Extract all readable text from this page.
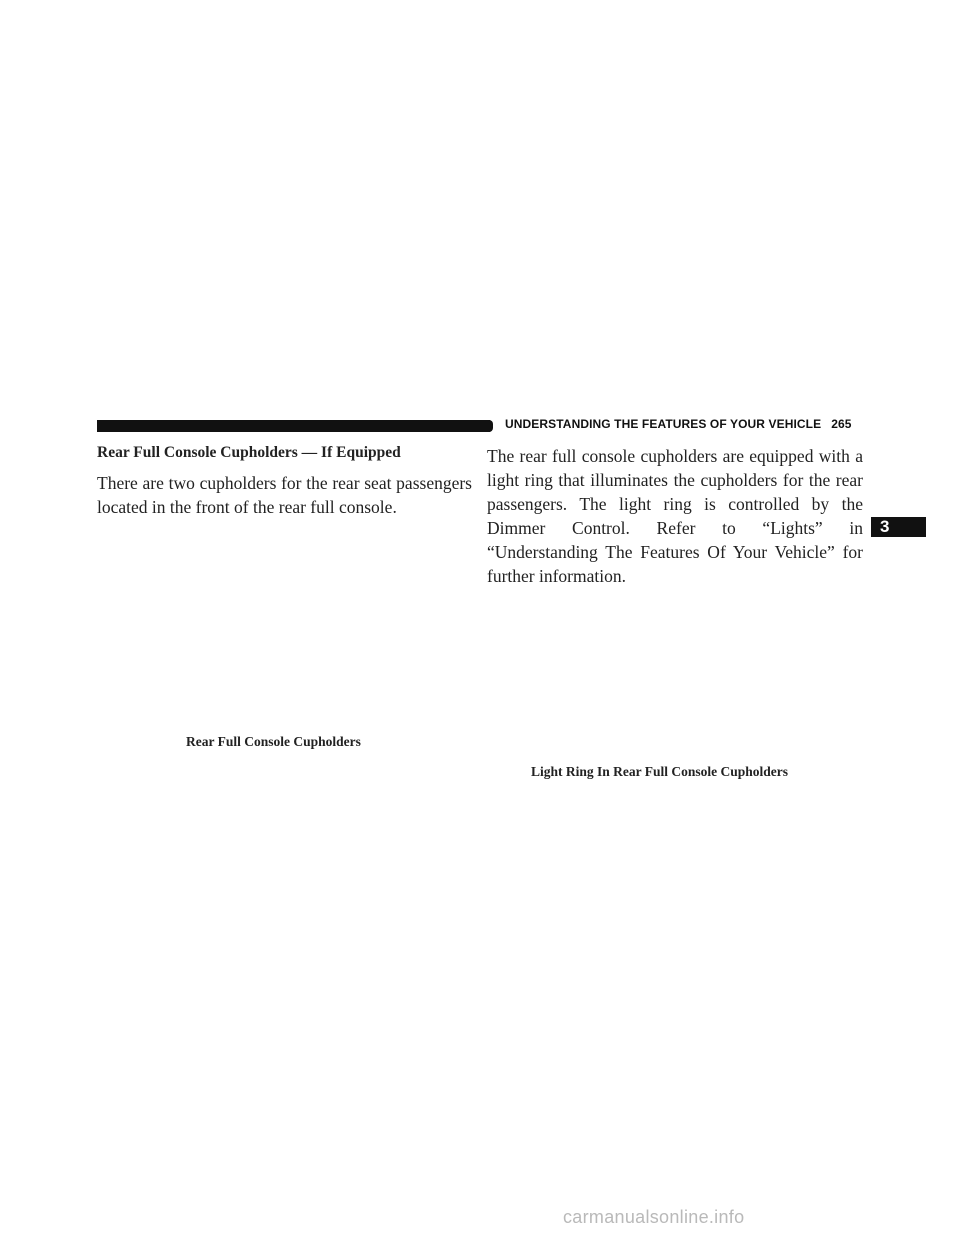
UNDERSTANDING THE FEATURES OF YOUR VEHICLE 265
Rear Full Console Cupholders — If Equipped
There are two cupholders for the rear seat passengers located in the front of the rear full console.
The rear full console cupholders are equipped with a light ring that illuminates the cupholders for the rear passengers. The light ring is controlled by the Dimmer Control. Refer to “Lights” in “Understanding The Features Of Your Vehicle” for further information.
Rear Full Console Cupholders
Light Ring In Rear Full Console Cupholders
3
carmanualsonline.info
